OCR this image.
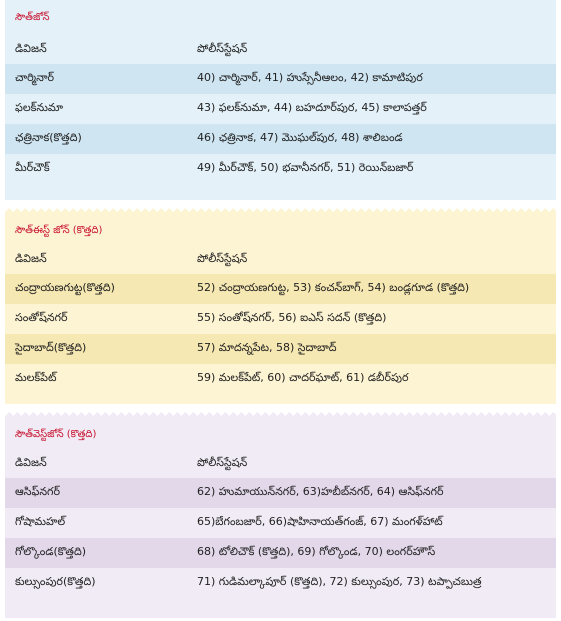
సౌత్‌జోన్
డివిజన్	పోలీస్‌స్టేషన్
చార్మినార్	40) చార్మినార్, 41) హుస్సేనీఆలం, 42) కామాటిపుర
ఫలక్‌నుమా	43) ఫలక్‌నుమా, 44) బహదూర్‌పుర, 45) కాలాపత్తర్
ఛత్రినాక(కొత్తది)	46) ఛత్రినాక, 47) మొఘల్‌పుర, 48) శాలిబండ
మీర్‌చౌక్	49) మీర్‌చౌక్, 50) భవానీనగర్, 51) రెయిన్‌బజార్
సౌత్‌ఈస్ట్ జోన్ (కొత్తది)
డివిజన్	పోలీస్‌స్టేషన్
చంద్రాయణగుట్ట(కొత్తది)	52) చంద్రాయణగుట్ట, 53) కంచన్‌బాగ్, 54) బండ్లగూడ (కొత్తది)
సంతోష్‌నగర్	55) సంతోష్‌నగర్, 56) ఐఎస్ సదన్ (కొత్తది)
సైదాబాద్(కొత్తది)	57) మాదన్నపేట, 58) సైదాబాద్
మలక్‌పేట్	59) మలక్‌పేట్, 60) చాదర్‌ఘాట్, 61) డబీర్‌పుర
సౌత్‌వెస్ట్‌జోన్ (కొత్తది)
డివిజన్	పోలీస్‌స్టేషన్
ఆసిఫ్‌నగర్	62) హుమాయున్‌నగర్, 63)హబీబ్‌నగర్, 64) ఆసిఫ్‌నగర్
గోషామహల్	65)బేగంబజార్, 66)షాహినాయత్‌గంజ్, 67) మంగళ్‌హాట్
గోల్కొండ(కొత్తది)	68) టోలిచౌక్ (కొత్తది), 69) గోల్కొండ, 70) లంగర్‌హౌస్
కుల్సుంపుర(కొత్తది)	71) గుడిమల్కాపూర్ (కొత్తది), 72) కుల్సుంపుర, 73) టప్పాచబుత్ర
